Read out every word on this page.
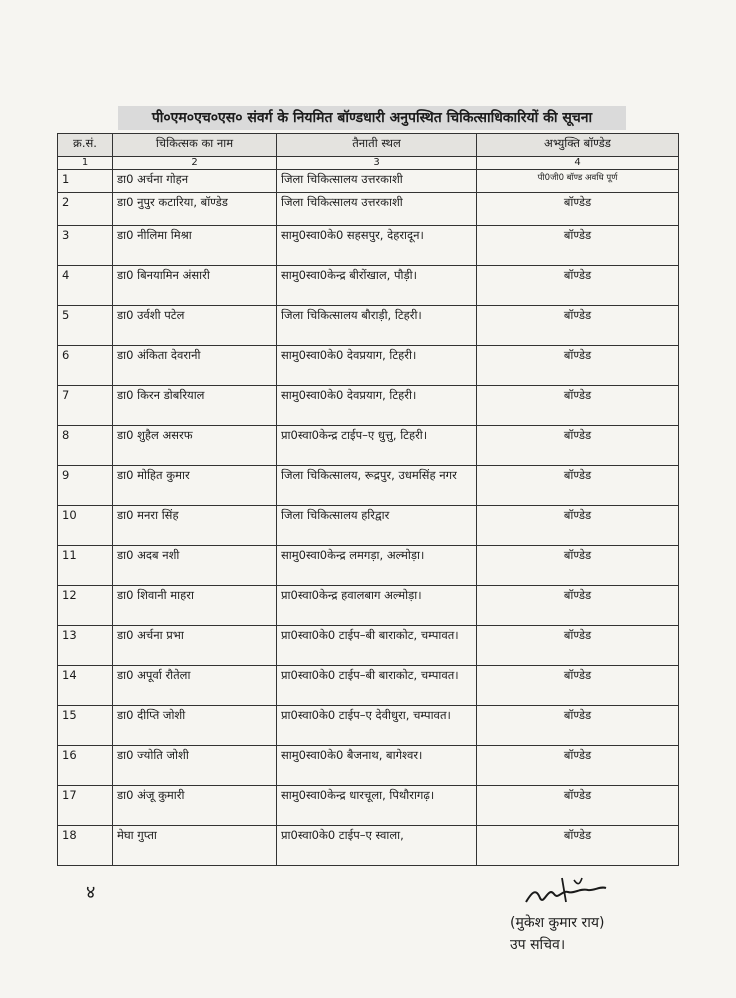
पी०एम०एच०एस० संवर्ग के नियमित बॉण्डधारी अनुपस्थित चिकित्साधिकारियों की सूचना
क्र.सं.	चिकित्सक का नाम	तैनाती स्थल	अभ्युक्ति बॉण्डेड
1	2	3	4
1	डा0 अर्चना गोहन	जिला चिकित्सालय उत्तरकाशी	पी0जी0 बॉण्ड अवधि पूर्ण
2	डा0 नुपुर कटारिया, बॉण्डेड	जिला चिकित्सालय उत्तरकाशी	बॉण्डेड
3	डा0 नीलिमा मिश्रा	सामु0स्वा0के0 सहसपुर, देहरादून।	बॉण्डेड
4	डा0 बिनयामिन अंसारी	सामु0स्वा0केन्द्र बीरोंखाल, पौड़ी।	बॉण्डेड
5	डा0 उर्वशी पटेल	जिला चिकित्सालय बौराड़ी, टिहरी।	बॉण्डेड
6	डा0 अंकिता देवरानी	सामु0स्वा0के0 देवप्रयाग, टिहरी।	बॉण्डेड
7	डा0 किरन डोबरियाल	सामु0स्वा0के0 देवप्रयाग, टिहरी।	बॉण्डेड
8	डा0 शुहैल असरफ	प्रा0स्वा0केन्द्र टाईप–ए धुत्तु, टिहरी।	बॉण्डेड
9	डा0 मोहित कुमार	जिला चिकित्सालय, रूद्रपुर, उधमसिंह नगर	बॉण्डेड
10	डा0 मनरा सिंह	जिला चिकित्सालय हरिद्वार	बॉण्डेड
11	डा0 अदब नशी	सामु0स्वा0केन्द्र लमगड़ा, अल्मोड़ा।	बॉण्डेड
12	डा0 शिवानी माहरा	प्रा0स्वा0केन्द्र हवालबाग अल्मोड़ा।	बॉण्डेड
13	डा0 अर्चना प्रभा	प्रा0स्वा0के0 टाईप–बी बाराकोट, चम्पावत।	बॉण्डेड
14	डा0 अपूर्वा रौतेला	प्रा0स्वा0के0 टाईप–बी बाराकोट, चम्पावत।	बॉण्डेड
15	डा0 दीप्ति जोशी	प्रा0स्वा0के0 टाईप–ए देवीधुरा, चम्पावत।	बॉण्डेड
16	डा0 ज्योति जोशी	सामु0स्वा0के0 बैजनाथ, बागेश्वर।	बॉण्डेड
17	डा0 अंजू कुमारी	सामु0स्वा0केन्द्र धारचूला, पिथौरागढ़।	बॉण्डेड
18	मेघा गुप्ता	प्रा0स्वा0के0 टाईप–ए स्वाला,	बॉण्डेड
४
(मुकेश कुमार राय)
उप सचिव।
